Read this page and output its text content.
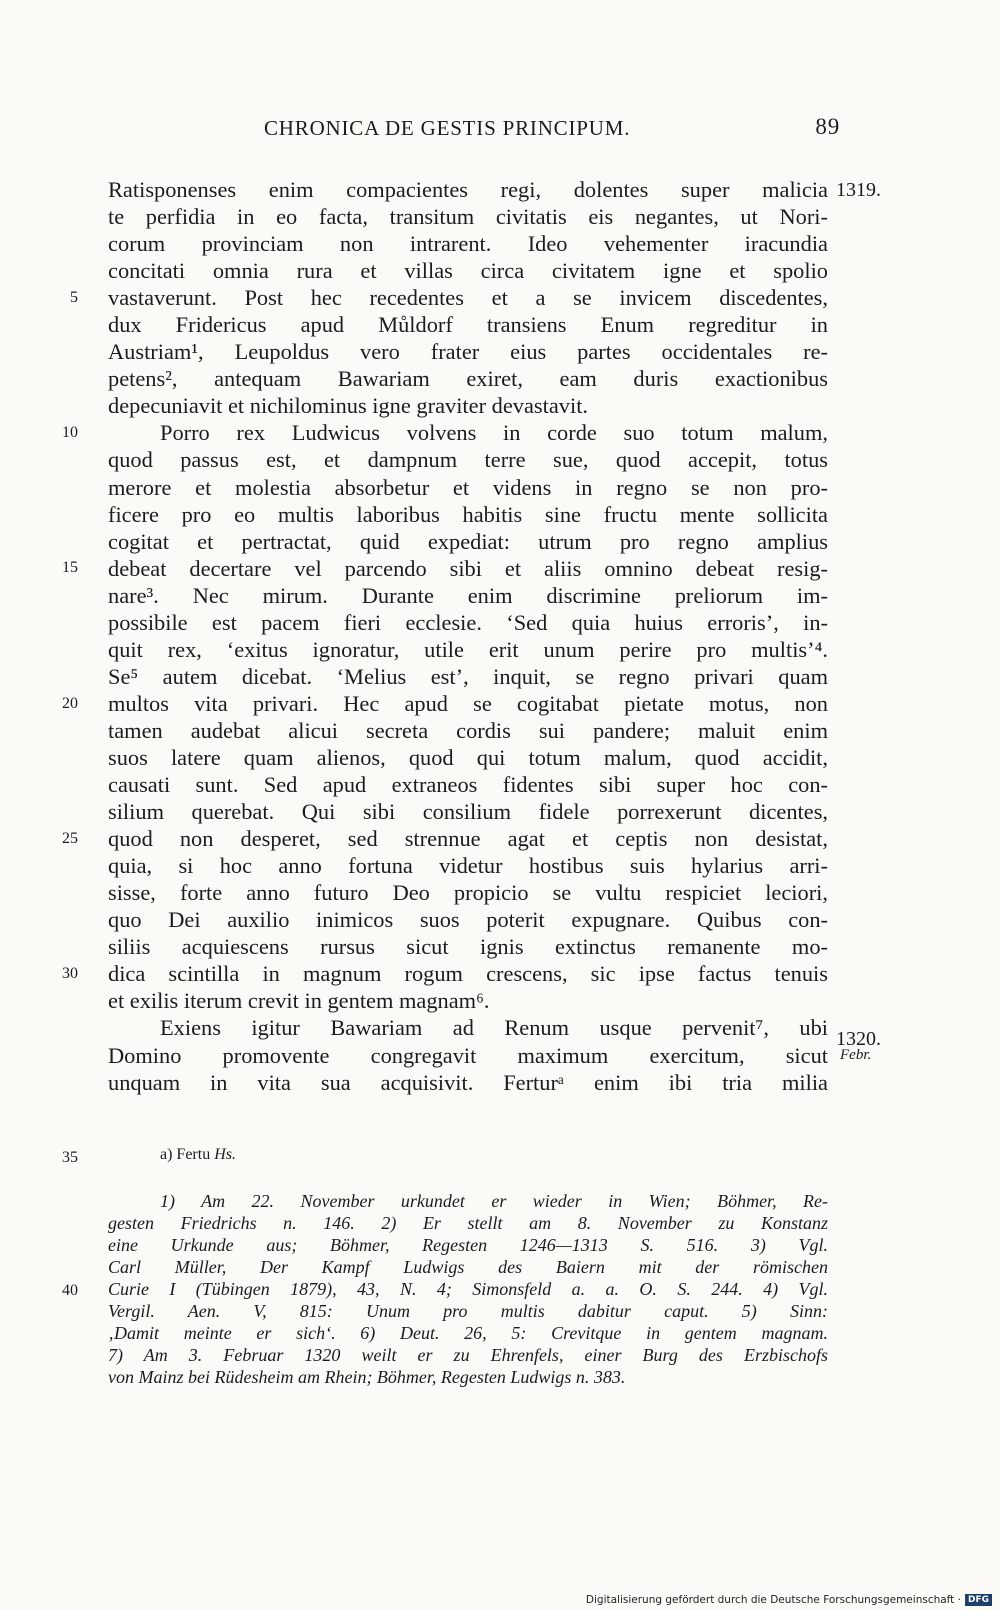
CHRONICA DE GESTIS PRINCIPUM.	89
Ratisponenses enim compacientes regi, dolentes super malicia
te perfidia in eo facta, transitum civitatis eis negantes, ut Nori-
corum provinciam non intrarent. Ideo vehementer iracundia
concitati omnia rura et villas circa civitatem igne et spolio
vastaverunt. Post hec recedentes et a se invicem discedentes,
dux Fridericus apud Můldorf transiens Enum regreditur in
Austriam¹, Leupoldus vero frater eius partes occidentales re-
petens², antequam Bawariam exiret, eam duris exactionibus
depecuniavit et nichilominus igne graviter devastavit.
Porro rex Ludwicus volvens in corde suo totum malum,
quod passus est, et dampnum terre sue, quod accepit, totus
merore et molestia absorbetur et videns in regno se non pro-
ficere pro eo multis laboribus habitis sine fructu mente sollicita
cogitat et pertractat, quid expediat: utrum pro regno amplius
debeat decertare vel parcendo sibi et aliis omnino debeat resig-
nare³. Nec mirum. Durante enim discrimine preliorum im-
possibile est pacem fieri ecclesie. ‘Sed quia huius erroris’, in-
quit rex, ‘exitus ignoratur, utile erit unum perire pro multis’⁴.
Se⁵ autem dicebat. ‘Melius est’, inquit, se regno privari quam
multos vita privari. Hec apud se cogitabat pietate motus, non
tamen audebat alicui secreta cordis sui pandere; maluit enim
suos latere quam alienos, quod qui totum malum, quod accidit,
causati sunt. Sed apud extraneos fidentes sibi super hoc con-
silium querebat. Qui sibi consilium fidele porrexerunt dicentes,
quod non desperet, sed strennue agat et ceptis non desistat,
quia, si hoc anno fortuna videtur hostibus suis hylarius arri-
sisse, forte anno futuro Deo propicio se vultu respiciet leciori,
quo Dei auxilio inimicos suos poterit expugnare. Quibus con-
siliis acquiescens rursus sicut ignis extinctus remanente mo-
dica scintilla in magnum rogum crescens, sic ipse factus tenuis
et exilis iterum crevit in gentem magnam⁶.
Exiens igitur Bawariam ad Renum usque pervenit⁷, ubi
Domino promovente congregavit maximum exercitum, sicut
unquam in vita sua acquisivit. Ferturᵃ enim ibi tria milia
5
10
15
20
25
30
35
40
1319.
1320.
Febr.
a) Fertu Hs.
1) Am 22. November urkundet er wieder in Wien; Böhmer, Re-
gesten Friedrichs n. 146. 2) Er stellt am 8. November zu Konstanz
eine Urkunde aus; Böhmer, Regesten 1246—1313 S. 516. 3) Vgl.
Carl Müller, Der Kampf Ludwigs des Baiern mit der römischen
Curie I (Tübingen 1879), 43, N. 4; Simonsfeld a. a. O. S. 244. 4) Vgl.
Vergil. Aen. V, 815: Unum pro multis dabitur caput. 5) Sinn:
‚Damit meinte er sich‘. 6) Deut. 26, 5: Crevitque in gentem magnam.
7) Am 3. Februar 1320 weilt er zu Ehrenfels, einer Burg des Erzbischofs
von Mainz bei Rüdesheim am Rhein; Böhmer, Regesten Ludwigs n. 383.
Digitalisierung gefördert durch die Deutsche Forschungsgemeinschaft · DFG
